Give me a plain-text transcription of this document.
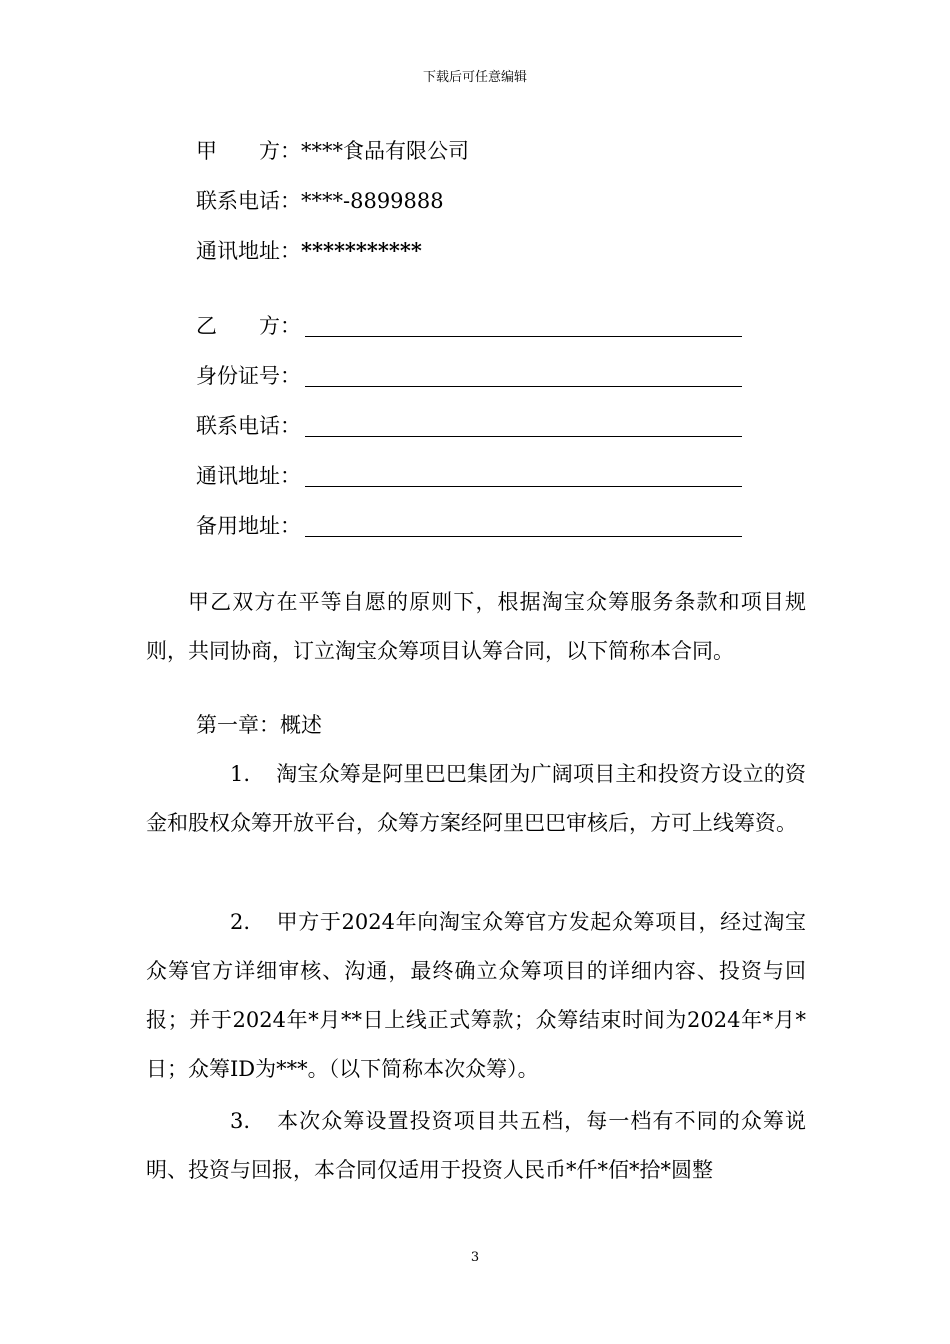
下载后可任意编辑
甲　　方：****食品有限公司
联系电话：****-8899888
通讯地址：***********
乙　　方：
身份证号：
联系电话：
通讯地址：
备用地址：
甲乙双方在平等自愿的原则下，根据淘宝众筹服务条款和项目规则，共同协商，订立淘宝众筹项目认筹合同，以下简称本合同。
第一章：概述
1. 淘宝众筹是阿里巴巴集团为广阔项目主和投资方设立的资金和股权众筹开放平台，众筹方案经阿里巴巴审核后，方可上线筹资。
2. 甲方于2024年向淘宝众筹官方发起众筹项目，经过淘宝众筹官方详细审核、沟通，最终确立众筹项目的详细内容、投资与回报；并于2024年*月**日上线正式筹款；众筹结束时间为2024年*月*日；众筹ID为***。（以下简称本次众筹）。
3. 本次众筹设置投资项目共五档，每一档有不同的众筹说明、投资与回报，本合同仅适用于投资人民币*仟*佰*拾*圆整
3
